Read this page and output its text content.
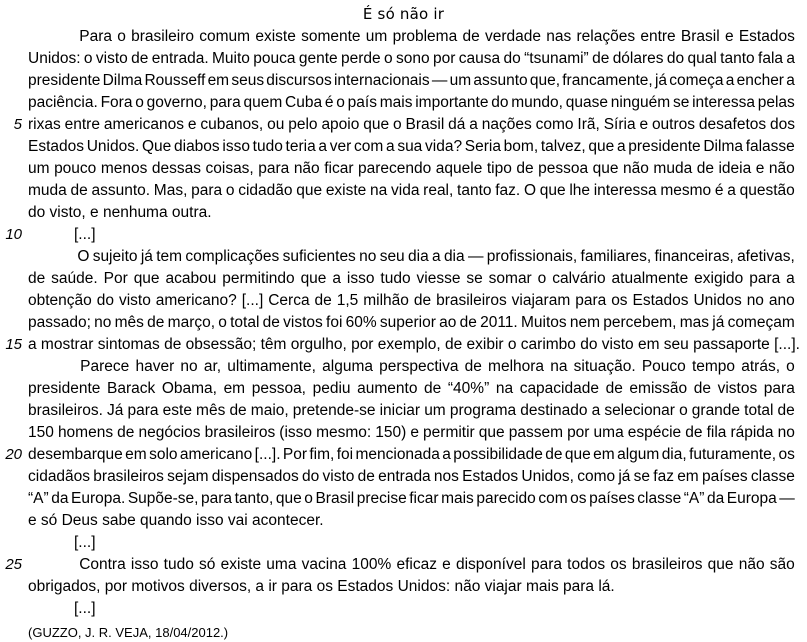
É só não ir
Para o brasileiro comum existe somente um problema de verdade nas relações entre Brasil e Estados
Unidos: o visto de entrada. Muito pouca gente perde o sono por causa do “tsunami” de dólares do qual tanto fala a
presidente Dilma Rousseff em seus discursos internacionais — um assunto que, francamente, já começa a encher a
paciência. Fora o governo, para quem Cuba é o país mais importante do mundo, quase ninguém se interessa pelas
5 rixas entre americanos e cubanos, ou pelo apoio que o Brasil dá a nações como Irã, Síria e outros desafetos dos
Estados Unidos. Que diabos isso tudo teria a ver com a sua vida? Seria bom, talvez, que a presidente Dilma falasse
um pouco menos dessas coisas, para não ficar parecendo aquele tipo de pessoa que não muda de ideia e não
muda de assunto. Mas, para o cidadão que existe na vida real, tanto faz. O que lhe interessa mesmo é a questão
do visto, e nenhuma outra.
10	[...]
O sujeito já tem complicações suficientes no seu dia a dia — profissionais, familiares, financeiras, afetivas,
de saúde. Por que acabou permitindo que a isso tudo viesse se somar o calvário atualmente exigido para a
obtenção do visto americano? [...] Cerca de 1,5 milhão de brasileiros viajaram para os Estados Unidos no ano
passado; no mês de março, o total de vistos foi 60% superior ao de 2011. Muitos nem percebem, mas já começam
15 a mostrar sintomas de obsessão; têm orgulho, por exemplo, de exibir o carimbo do visto em seu passaporte [...].
Parece haver no ar, ultimamente, alguma perspectiva de melhora na situação. Pouco tempo atrás, o
presidente Barack Obama, em pessoa, pediu aumento de “40%” na capacidade de emissão de vistos para
brasileiros. Já para este mês de maio, pretende-se iniciar um programa destinado a selecionar o grande total de
150 homens de negócios brasileiros (isso mesmo: 150) e permitir que passem por uma espécie de fila rápida no
20 desembarque em solo americano [...]. Por fim, foi mencionada a possibilidade de que em algum dia, futuramente, os
cidadãos brasileiros sejam dispensados do visto de entrada nos Estados Unidos, como já se faz em países classe
“A” da Europa. Supõe-se, para tanto, que o Brasil precise ficar mais parecido com os países classe “A” da Europa —
e só Deus sabe quando isso vai acontecer.
[...]
25	Contra isso tudo só existe uma vacina 100% eficaz e disponível para todos os brasileiros que não são
obrigados, por motivos diversos, a ir para os Estados Unidos: não viajar mais para lá.
[...]
(GUZZO, J. R. VEJA, 18/04/2012.)
